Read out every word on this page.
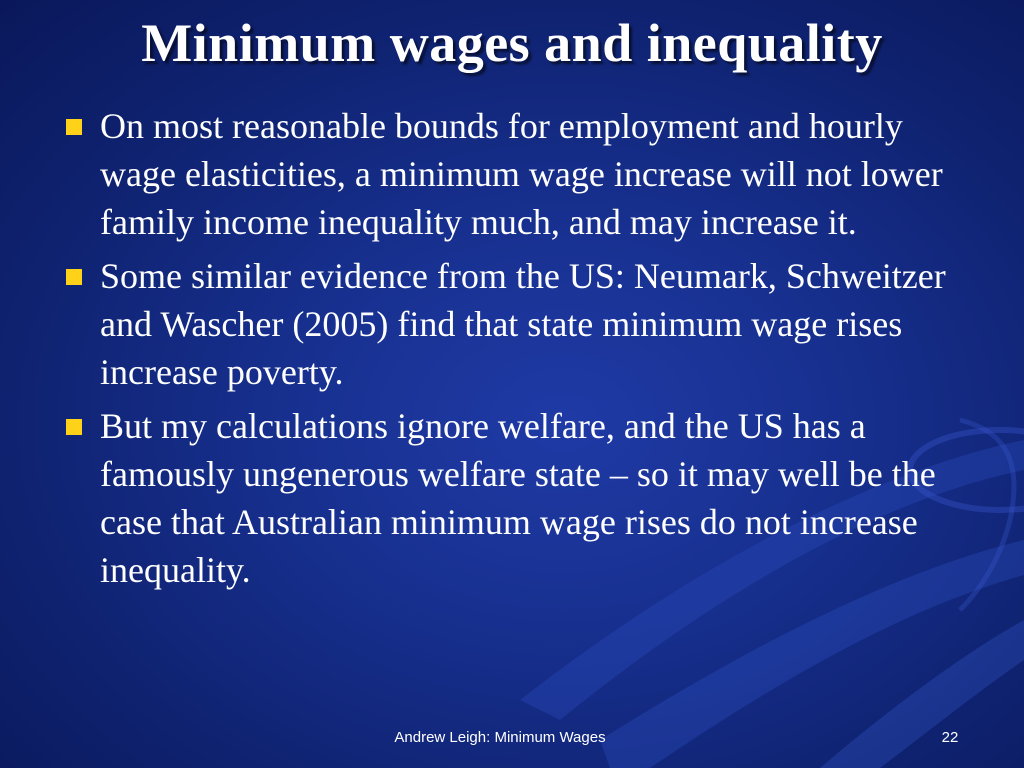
Minimum wages and inequality
On most reasonable bounds for employment and hourly wage elasticities, a minimum wage increase will not lower family income inequality much, and may increase it.
Some similar evidence from the US: Neumark, Schweitzer and Wascher (2005) find that state minimum wage rises increase poverty.
But my calculations ignore welfare, and the US has a famously ungenerous welfare state – so it may well be the case that Australian minimum wage rises do not increase inequality.
Andrew Leigh: Minimum Wages	22
